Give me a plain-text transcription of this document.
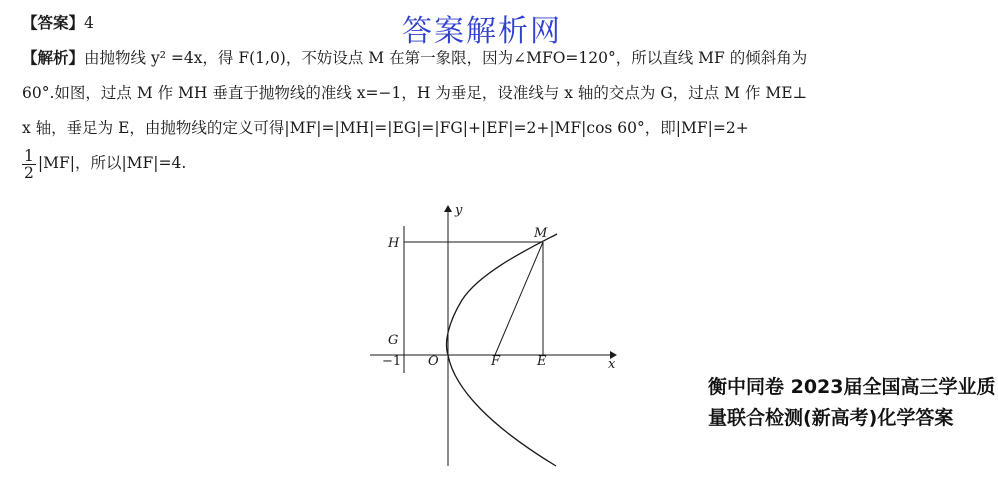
答案解析网
【答案】4
【解析】由抛物线 y² =4x，得 F(1,0)，不妨设点 M 在第一象限，因为∠MFO=120°，所以直线 MF 的倾斜角为
60°.如图，过点 M 作 MH 垂直于抛物线的准线 x=−1，H 为垂足，设准线与 x 轴的交点为 G，过点 M 作 ME⊥
x 轴，垂足为 E，由抛物线的定义可得|MF|=|MH|=|EG|=|FG|+|EF|=2+|MF|cos 60°，即|MF|=2+
$\frac{1}{2} |MF|$，所以|MF|=4.
y
x
H
M
G
−1 O	F	E
衡中同卷 2023届全国高三学业质量联合检测(新高考)化学答案
